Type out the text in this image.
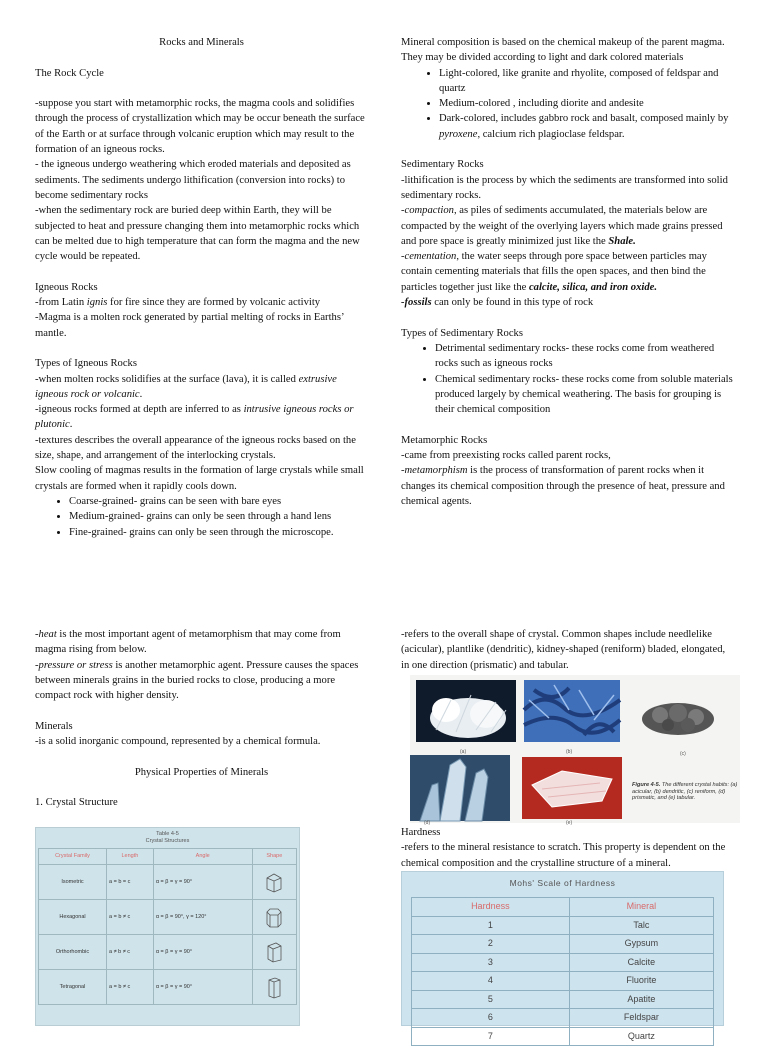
Rocks and Minerals

The Rock Cycle

-suppose you start with metamorphic rocks, the magma cools and solidifies through the process of crystallization which may be occur beneath the surface of the Earth or at surface through volcanic eruption which may result to the formation of an igneous rocks.

- the igneous undergo weathering which eroded materials and deposited as sediments. The sediments undergo lithification (conversion into rocks) to become sedimentary rocks

-when the sedimentary rock are buried deep within Earth, they will be subjected to heat and pressure changing them into metamorphic rocks which can be melted due to high temperature that can form the magma and the new cycle would be repeated.

Igneous Rocks

-from Latin ignis for fire since they are formed by volcanic activity

-Magma is a molten rock generated by partial melting of rocks in Earths’ mantle.

Types of Igneous Rocks

-when molten rocks solidifies at the surface (lava), it is called extrusive igneous rock or volcanic.

-igneous rocks formed at depth are inferred to as intrusive igneous rocks or plutonic.

-textures describes the overall appearance of the igneous rocks based on the size, shape, and arrangement of the interlocking crystals.

Slow cooling of magmas results in the formation of large crystals while small crystals are formed when it rapidly cools down.

• Coarse-grained- grains can be seen with bare eyes
• Medium-grained- grains can only be seen through a hand lens
• Fine-grained- grains can only be seen through the microscope.

Mineral composition is based on the chemical makeup of the parent magma. They may be divided according to light and dark colored materials

• Light-colored, like granite and rhyolite, composed of feldspar and quartz
• Medium-colored , including diorite and andesite
• Dark-colored, includes gabbro rock and basalt, composed mainly by pyroxene, calcium rich plagioclase feldspar.

Sedimentary Rocks

-lithification is the process by which the sediments are transformed into solid sedimentary rocks.

-compaction, as piles of sediments accumulated, the materials below are compacted by the weight of the overlying layers which made grains pressed and pore space is greatly minimized just like the Shale.

-cementation, the water seeps through pore space between particles may contain cementing materials that fills the open spaces, and then bind the particles together just like the calcite, silica, and iron oxide.

-fossils can only be found in this type of rock

Types of Sedimentary Rocks

• Detrimental sedimentary rocks- these rocks come from weathered rocks such as igneous rocks
• Chemical sedimentary rocks- these rocks come from soluble materials produced largely by chemical weathering. The basis for grouping is their chemical composition

Metamorphic Rocks

-came from preexisting rocks called parent rocks,

-metamorphism is the process of transformation of parent rocks when it changes its chemical composition through the presence of heat, pressure and chemical agents.

-heat is the most important agent of metamorphism that may come from magma rising from below.

-pressure or stress is another metamorphic agent. Pressure causes the spaces between minerals grains in the buried rocks to close, producing a more compact rock with higher density.

Minerals

-is a solid inorganic compound, represented by a chemical formula.

Physical Properties of Minerals

1. Crystal Structure

Table 4-5
Crystal Structures
Crystal Family	Length	Angle	Shape
Isometric	a = b = c	α = β = γ = 90°	

Hexagonal	a = b ≠ c	α = β = 90°, γ = 120°	

Orthorhombic	a ≠ b ≠ c	α = β = γ = 90°	

Tetragonal	a = b ≠ c	α = β = γ = 90°	

-refers to the overall shape of crystal. Common shapes include needlelike (acicular), plantlike (dendritic), kidney-shaped (reniform) bladed, elongated, in one direction (prismatic) and tabular.

(a)	(b)	(c)
(d)	(e)
Figure 4-5. The different crystal habits: (a) acicular, (b) dendritic, (c) reniform, (d) prismatic, and (e) tabular.

Hardness

-refers to the mineral resistance to scratch. This property is dependent on the chemical composition and the crystalline structure of a mineral.

Mohs' Scale of Hardness
Hardness	Mineral
1	Talc
2	Gypsum
3	Calcite
4	Fluorite
5	Apatite
6	Feldspar
7	Quartz
